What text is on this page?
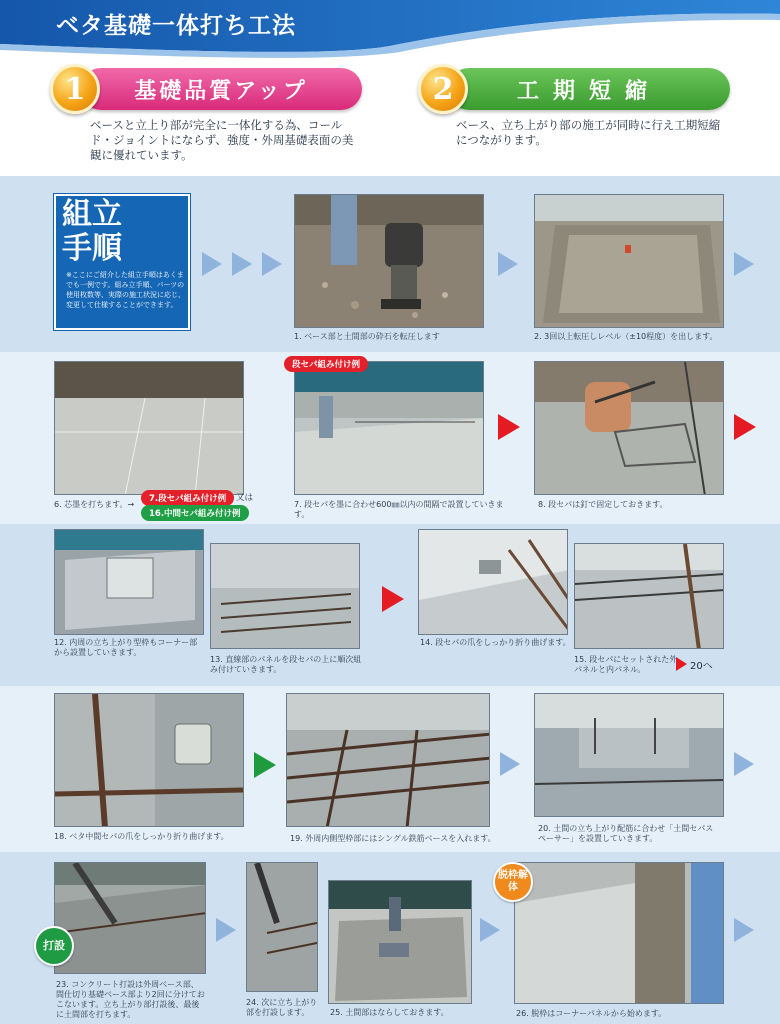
ベタ基礎一体打ち工法
1	基礎品質アップ
ベースと立上り部が完全に一体化する為、コールド・ジョイントにならず、強度・外周基礎表面の美観に優れています。
2	工期短縮
ベース、立ち上がり部の施工が同時に行え工期短縮につながります。
組立手順
※ここにご紹介した組立手順はあくまでも一例です。組み立手順、パーツの使用枚数等、実際の施工状況に応じ、変更して仕様することができます。
1. ベース部と土間部の砕石を転圧します	2. 3回以上転圧しレベル（±10程度）を出します。
6. 芯墨を打ちます。→
7.段セパ組み付け例	又は
16.中間セパ組み付け例
段セパ組み付け例
7. 段セパを墨に合わせ600㎜以内の間隔で設置していきます。
8. 段セパは釘で固定しておきます。
12. 内周の立ち上がり型枠もコーナー部から設置していきます。
13. 直線部のパネルを段セパの上に順次組み付けていきます。
14. 段セパの爪をしっかり折り曲げます。
15. 段セパにセットされた外パネルと内パネル。	20へ
18. ベタ中間セパの爪をしっかり折り曲げます。	19. 外周内側型枠部にはシングル鉄筋ベースを入れます。
20. 土間の立ち上がり配筋に合わせ「土間セパスペーサー」を設置していきます。
打設
23. コンクリート打設は外周ベース部、間仕切り基礎ベース部より2回に分けておこないます。立ち上がり部打設後、最後に土間部を打ちます。
24. 次に立ち上がり部を打設します。	25. 土間部はならしておきます。
脱枠解体
26. 脱枠はコーナーパネルから始めます。
